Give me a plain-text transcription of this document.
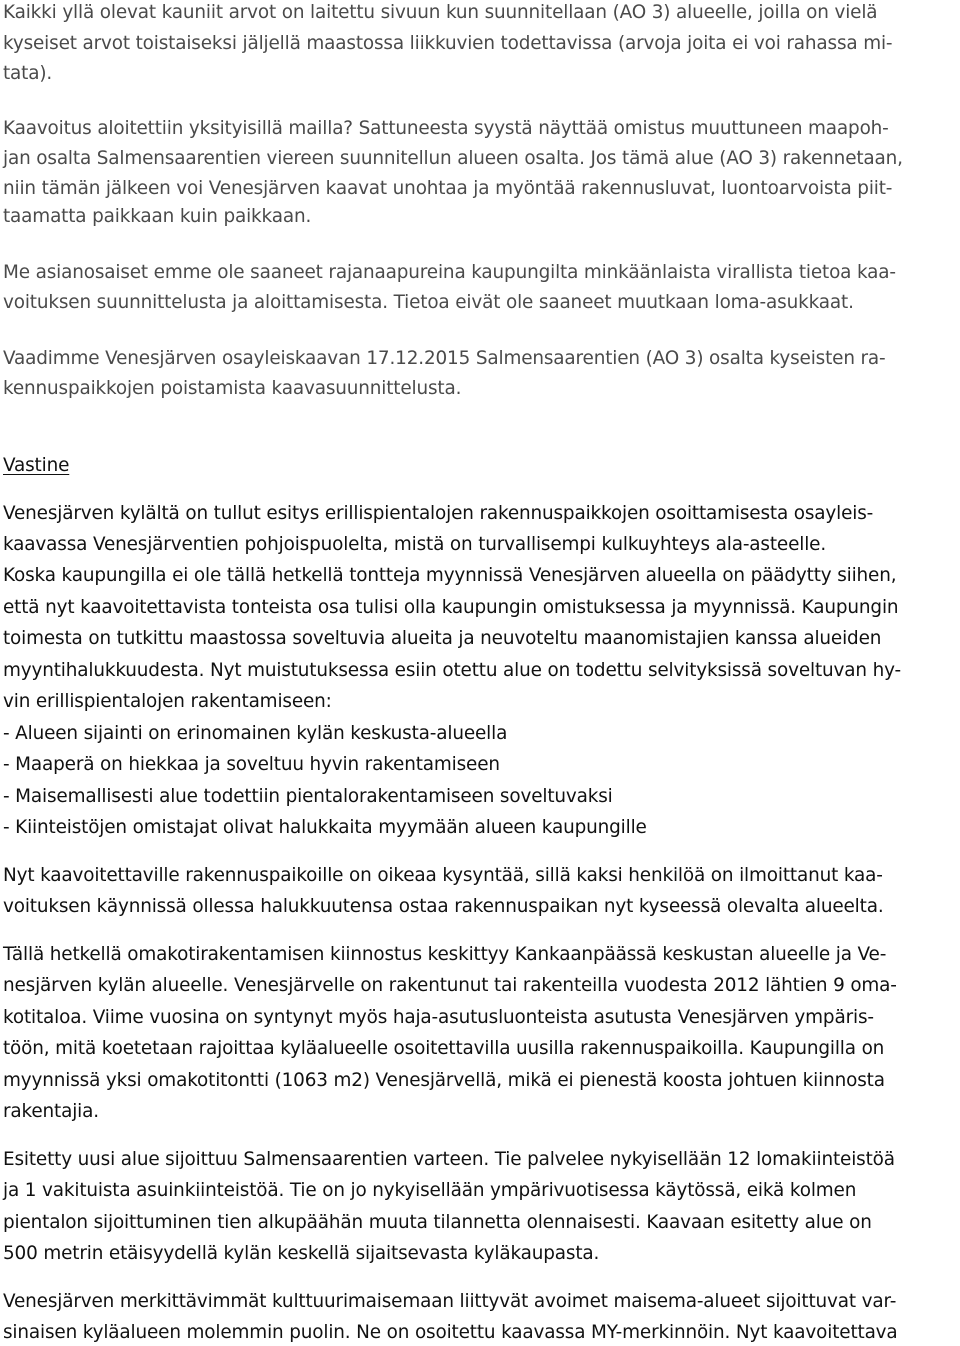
Kaikki yllä olevat kauniit arvot on laitettu sivuun kun suunnitellaan (AO 3) alueelle, joilla on vielä
kyseiset arvot toistaiseksi jäljellä maastossa liikkuvien todettavissa (arvoja joita ei voi rahassa mi-
tata).
Kaavoitus aloitettiin yksityisillä mailla? Sattuneesta syystä näyttää omistus muuttuneen maapoh-
jan osalta Salmensaarentien viereen suunnitellun alueen osalta. Jos tämä alue (AO 3) rakennetaan,
niin tämän jälkeen voi Venesjärven kaavat unohtaa ja myöntää rakennusluvat, luontoarvoista piit-
taamatta paikkaan kuin paikkaan.
Me asianosaiset emme ole saaneet rajanaapureina kaupungilta minkäänlaista virallista tietoa kaa-
voituksen suunnittelusta ja aloittamisesta. Tietoa eivät ole saaneet muutkaan loma-asukkaat.
Vaadimme Venesjärven osayleiskaavan 17.12.2015 Salmensaarentien (AO 3) osalta kyseisten ra-
kennuspaikkojen poistamista kaavasuunnittelusta.
Vastine
Venesjärven kylältä on tullut esitys erillispientalojen rakennuspaikkojen osoittamisesta osayleis-
kaavassa Venesjärventien pohjoispuolelta, mistä on turvallisempi kulkuyhteys ala-asteelle.
Koska kaupungilla ei ole tällä hetkellä tontteja myynnissä Venesjärven alueella on päädytty siihen,
että nyt kaavoitettavista tonteista osa tulisi olla kaupungin omistuksessa ja myynnissä. Kaupungin
toimesta on tutkittu maastossa soveltuvia alueita ja neuvoteltu maanomistajien kanssa alueiden
myyntihalukkuudesta. Nyt muistutuksessa esiin otettu alue on todettu selvityksissä soveltuvan hy-
vin erillispientalojen rakentamiseen:
- Alueen sijainti on erinomainen kylän keskusta-alueella
- Maaperä on hiekkaa ja soveltuu hyvin rakentamiseen
- Maisemallisesti alue todettiin pientalorakentamiseen soveltuvaksi
- Kiinteistöjen omistajat olivat halukkaita myymään alueen kaupungille
Nyt kaavoitettaville rakennuspaikoille on oikeaa kysyntää, sillä kaksi henkilöä on ilmoittanut kaa-
voituksen käynnissä ollessa halukkuutensa ostaa rakennuspaikan nyt kyseessä olevalta alueelta.
Tällä hetkellä omakotirakentamisen kiinnostus keskittyy Kankaanpäässä keskustan alueelle ja Ve-
nesjärven kylän alueelle. Venesjärvelle on rakentunut tai rakenteilla vuodesta 2012 lähtien 9 oma-
kotitaloa. Viime vuosina on syntynyt myös haja-asutusluonteista asutusta Venesjärven ympäris-
töön, mitä koetetaan rajoittaa kyläalueelle osoitettavilla uusilla rakennuspaikoilla. Kaupungilla on
myynnissä yksi omakotitontti (1063 m2) Venesjärvellä, mikä ei pienestä koosta johtuen kiinnosta
rakentajia.
Esitetty uusi alue sijoittuu Salmensaarentien varteen. Tie palvelee nykyisellään 12 lomakiinteistöä
ja 1 vakituista asuinkiinteistöä. Tie on jo nykyisellään ympärivuotisessa käytössä, eikä kolmen
pientalon sijoittuminen tien alkupäähän muuta tilannetta olennaisesti. Kaavaan esitetty alue on
500 metrin etäisyydellä kylän keskellä sijaitsevasta kyläkaupasta.
Venesjärven merkittävimmät kulttuurimaisemaan liittyvät avoimet maisema-alueet sijoittuvat var-
sinaisen kyläalueen molemmin puolin. Ne on osoitettu kaavassa MY-merkinnöin. Nyt kaavoitettava
